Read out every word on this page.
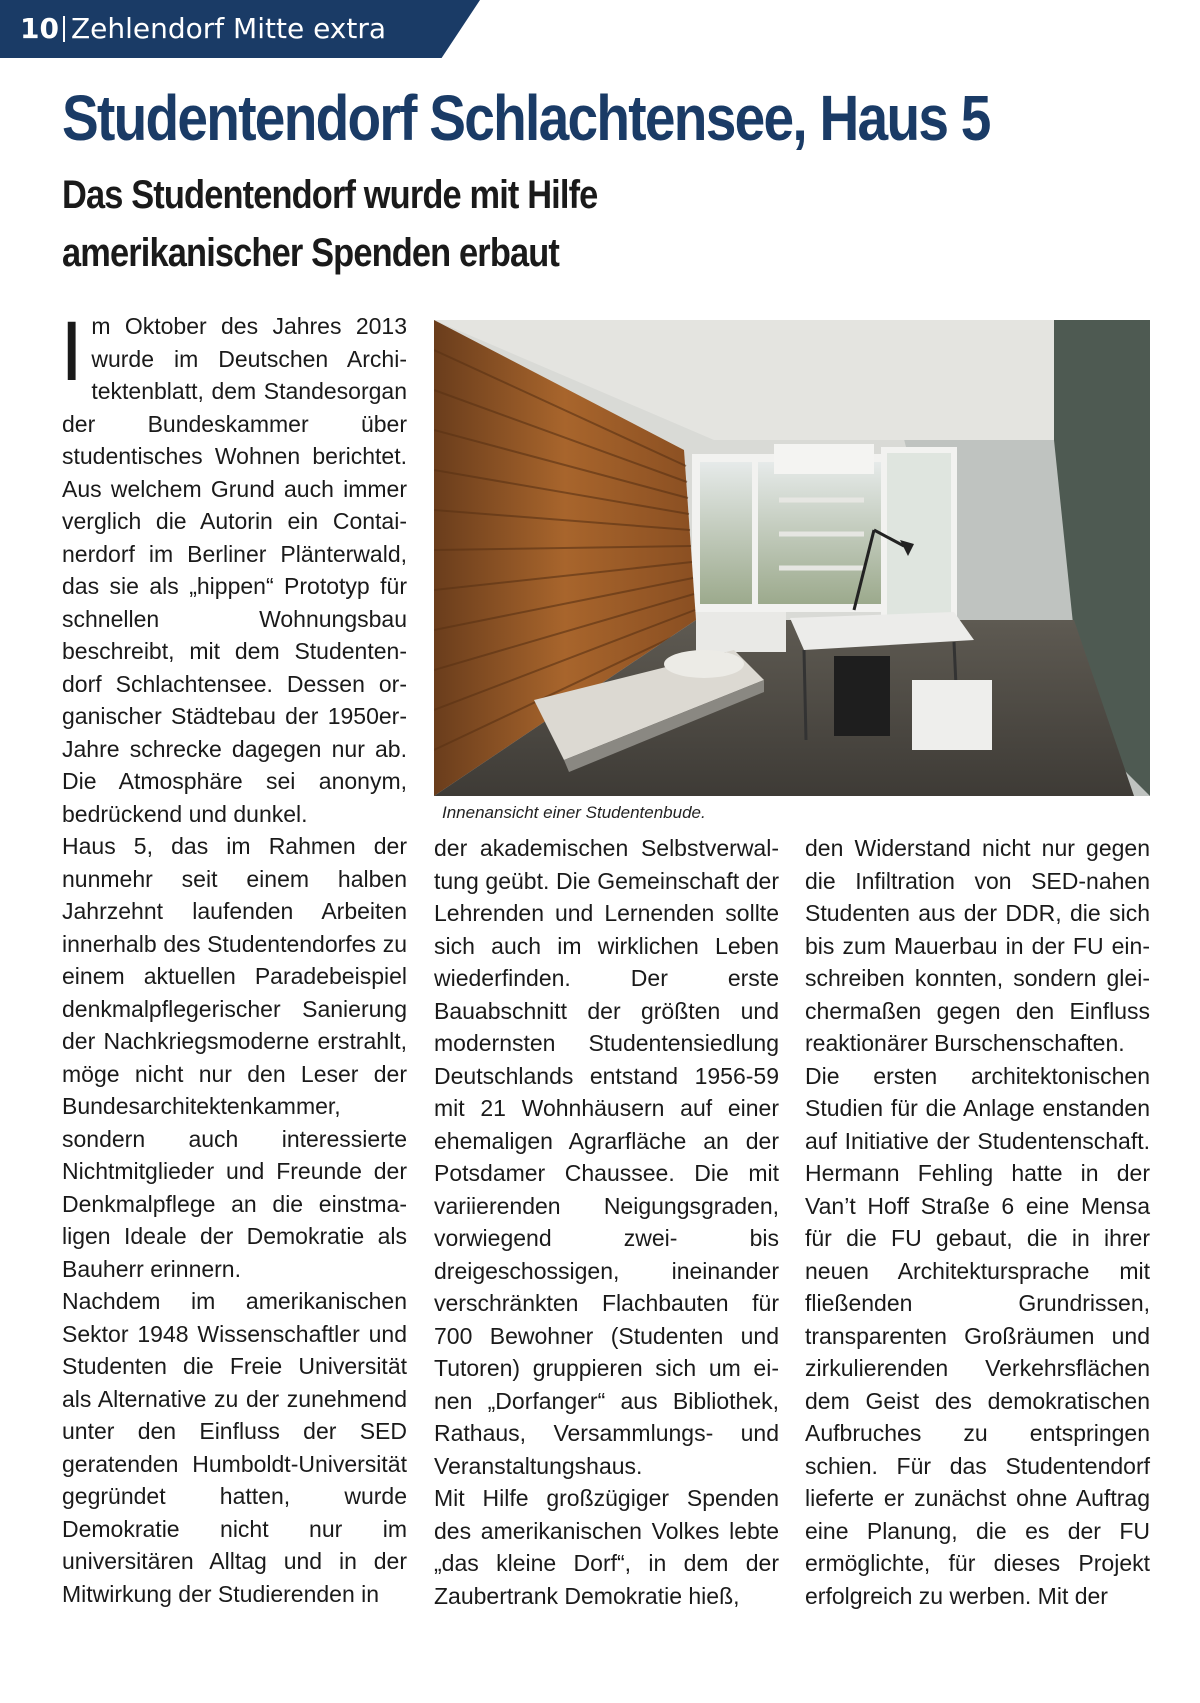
10 Zehlendorf Mitte extra
Studentendorf Schlachtensee, Haus 5
Das Studentendorf wurde mit Hilfe amerikanischer Spenden erbaut

Im Oktober des Jahres 2013 wurde im Deutschen Architektenblatt, dem Standesorgan der Bundeskammer über studentisches Wohnen berichtet. Aus welchem Grund auch immer verglich die Autorin ein Containerdorf im Berliner Plänterwald, das sie als „hippen“ Prototyp für schnellen Wohnungsbau beschreibt, mit dem Studentendorf Schlachtensee. Dessen organischer Städtebau der 1950er-Jahre schrecke dagegen nur ab. Die Atmosphäre sei anonym, bedrückend und dunkel.

Haus 5, das im Rahmen der nunmehr seit einem halben Jahrzehnt laufenden Arbeiten innerhalb des Studentendorfes zu einem aktuellen Paradebeispiel denkmalpflegerischer Sanierung der Nachkriegsmoderne erstrahlt, möge nicht nur den Leser der Bundesarchitektenkammer, sondern auch interessierte Nichtmitglieder und Freunde der Denkmalpflege an die einstmaligen Ideale der Demokratie als Bauherr erinnern.

Nachdem im amerikanischen Sektor 1948 Wissenschaftler und Studenten die Freie Universität als Alternative zu der zunehmend unter den Einfluss der SED geratenden Humboldt-Universität gegründet hatten, wurde Demokratie nicht nur im universitären Alltag und in der Mitwirkung der Studierenden in

Innenansicht einer Studentenbude.

der akademischen Selbstverwaltung geübt. Die Gemeinschaft der Lehrenden und Lernenden sollte sich auch im wirklichen Leben wiederfinden. Der erste Bauabschnitt der größten und modernsten Studentensiedlung Deutschlands entstand 1956-59 mit 21 Wohnhäusern auf einer ehemaligen Agrarfläche an der Potsdamer Chaussee. Die mit variierenden Neigungsgraden, vorwiegend zwei- bis dreigeschossigen, ineinander verschränkten Flachbauten für 700 Bewohner (Studenten und Tutoren) gruppieren sich um einen „Dorfanger“ aus Bibliothek, Rathaus, Versammlungs- und Veranstaltungshaus.

Mit Hilfe großzügiger Spenden des amerikanischen Volkes lebte „das kleine Dorf“, in dem der Zaubertrank Demokratie hieß,

den Widerstand nicht nur gegen die Infiltration von SED-nahen Studenten aus der DDR, die sich bis zum Mauerbau in der FU einschreiben konnten, sondern gleichermaßen gegen den Einfluss reaktionärer Burschenschaften.

Die ersten architektonischen Studien für die Anlage enstanden auf Initiative der Studentenschaft. Hermann Fehling hatte in der Van’t Hoff Straße 6 eine Mensa für die FU gebaut, die in ihrer neuen Architektursprache mit fließenden Grundrissen, transparenten Großräumen und zirkulierenden Verkehrsflächen dem Geist des demokratischen Aufbruches zu entspringen schien. Für das Studentendorf lieferte er zunächst ohne Auftrag eine Planung, die es der FU ermöglichte, für dieses Projekt erfolgreich zu werben. Mit der
